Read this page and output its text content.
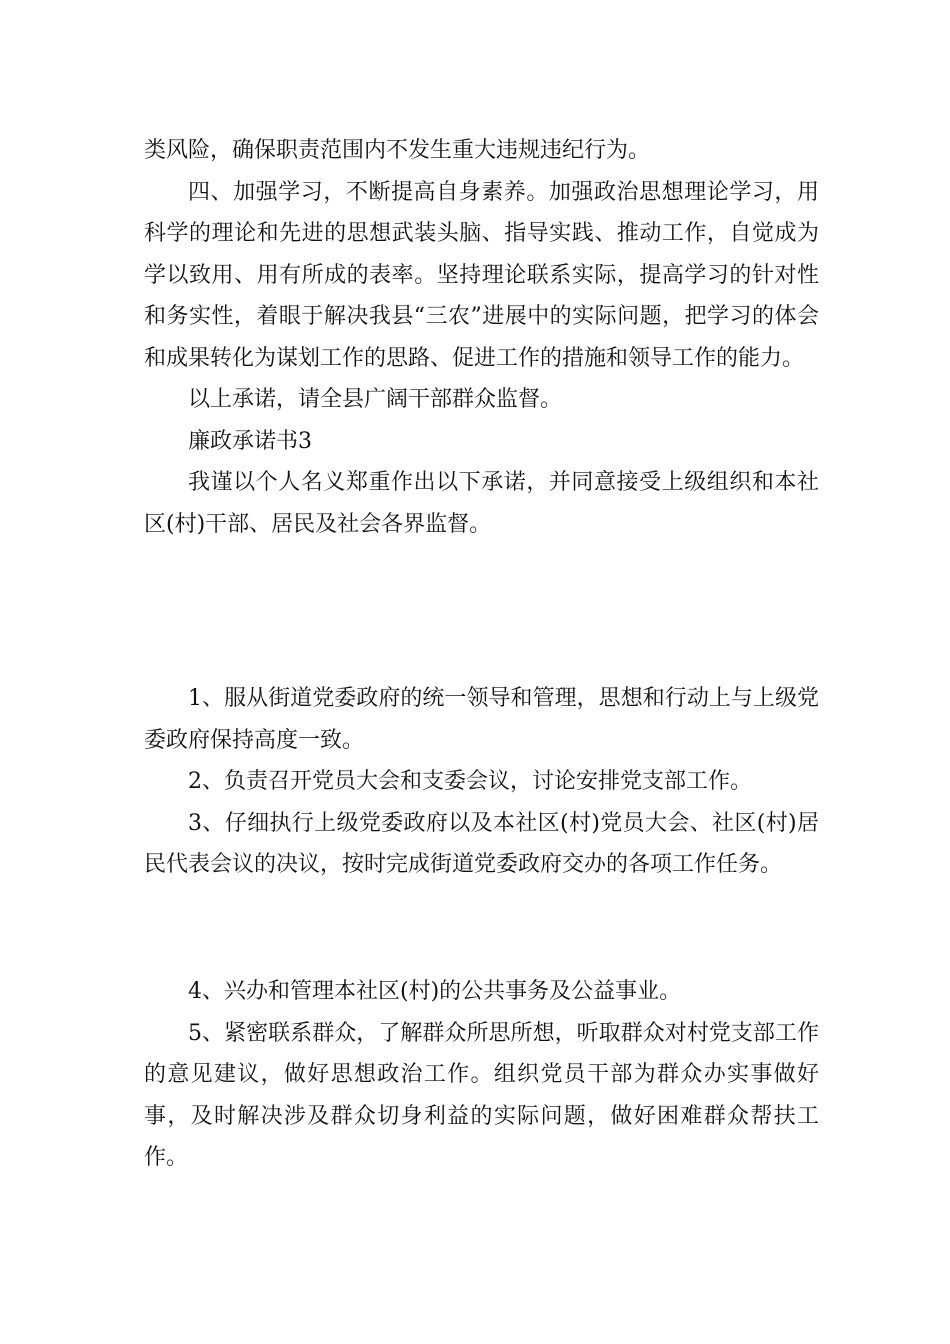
类风险，确保职责范围内不发生重大违规违纪行为。

四、加强学习，不断提高自身素养。加强政治思想理论学习，用科学的理论和先进的思想武装头脑、指导实践、推动工作，自觉成为学以致用、用有所成的表率。坚持理论联系实际，提高学习的针对性和务实性，着眼于解决我县“三农”进展中的实际问题，把学习的体会和成果转化为谋划工作的思路、促进工作的措施和领导工作的能力。

以上承诺，请全县广阔干部群众监督。

廉政承诺书3

我谨以个人名义郑重作出以下承诺，并同意接受上级组织和本社区(村)干部、居民及社会各界监督。

1、服从街道党委政府的统一领导和管理，思想和行动上与上级党委政府保持高度一致。

2、负责召开党员大会和支委会议，讨论安排党支部工作。

3、仔细执行上级党委政府以及本社区(村)党员大会、社区(村)居民代表会议的决议，按时完成街道党委政府交办的各项工作任务。

4、兴办和管理本社区(村)的公共事务及公益事业。

5、紧密联系群众，了解群众所思所想，听取群众对村党支部工作的意见建议，做好思想政治工作。组织党员干部为群众办实事做好事，及时解决涉及群众切身利益的实际问题，做好困难群众帮扶工作。
